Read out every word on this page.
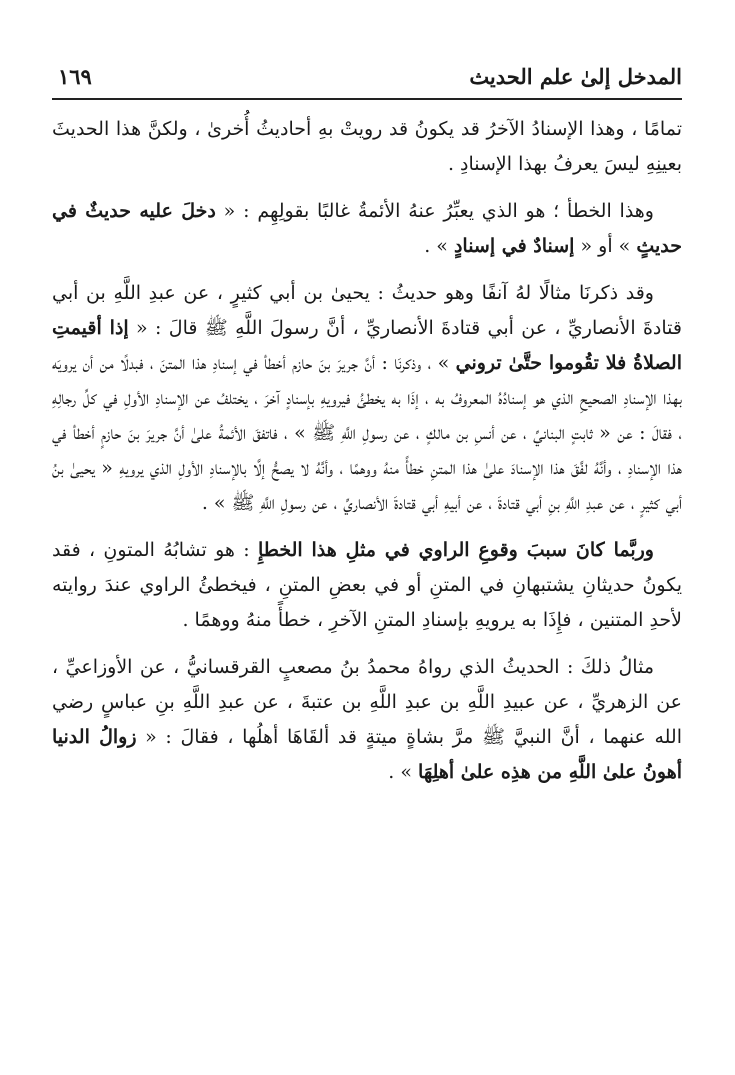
المدخل إلىٰ علم الحديث
١٦٩

تمامًا ، وهذا الإسنادُ الآخرُ قد يكونُ قد رويتْ بهِ أحاديثُ أُخرىٰ ، ولكنَّ هذا الحديثَ بعينِهِ ليسَ يعرفُ بهذا الإسنادِ .

وهذا الخطأ ؛ هو الذي يعبِّرُ عنهُ الأئمةُ غالبًا بقولِهِم : « دخلَ عليه حديثٌ في حديثٍ » أو « إسنادٌ في إسنادٍ » .

وقد ذكرنَا مثالًا لهُ آنفًا وهو حديثُ : يحيىٰ بن أبي كثيرٍ ، عن عبدِ اللَّهِ بن أبي قتادةَ الأنصاريِّ ، عن أبي قتادةَ الأنصاريِّ ، أنَّ رسولَ اللَّهِ ﷺ قالَ : « إذا أقيمتِ الصلاةُ فلا تقُوموا حتَّىٰ تروني » ، وذكرنَا : أنَّ جريرَ بنَ حازم أخطأ في إسنادِ هذا المتنَ ، فبدلًا من أن يرويَه بهذا الإسنادِ الصحيحِ الذي هو إسنادُهُ المعروفُ به ، إذَا به يخطئُ فيرويهِ بإسنادٍ آخرَ ، يختلفُ عن الإسنادِ الأولِ في كلِّ رجالِهِ ، فقالَ : عن « ثابتٍ البنانيِّ ، عن أنسِ بن مالكٍ ، عن رسولِ اللَّهِ ﷺ » ، فاتفقَ الأئمةُ علىٰ أنَّ جريرَ بنَ حازمٍ أخطأ في هذا الإسنادِ ، وأنَّهُ لفَّقَ هذا الإسنادَ علىٰ هذا المتنِ خطأً منهُ ووهمًا ، وأنَّهُ لا يصحُّ إلَّا بالإسنادِ الأولِ الذي يرويهِ « يحيىٰ بنُ أبي كثيرٍ ، عن عبدِ اللَّهِ بنِ أبي قتادةَ ، عن أبيهِ أبي قتادةَ الأنصاريِّ ، عن رسولِ اللَّهِ ﷺ » .

وربَّما كانَ سببَ وقوعِ الراوي في مثلِ هذا الخطإِ : هو تشابُهُ المتونِ ، فقد يكونُ حديثانِ يشتبهانِ في المتنِ أو في بعضِ المتنِ ، فيخطئُ الراوي عندَ روايته لأحدِ المتنين ، فإِذَا به يرويهِ بإسنادِ المتنِ الآخرِ ، خطأً منهُ ووهمًا .

مثالُ ذلكَ : الحديثُ الذي رواهُ محمدُ بنُ مصعبٍ القرقسانيُّ ، عن الأوزاعيِّ ، عن الزهريِّ ، عن عبيدِ اللَّهِ بن عبدِ اللَّهِ بن عتبةَ ، عن عبدِ اللَّهِ بنِ عباسٍ رضي الله عنهما ، أنَّ النبيَّ ﷺ مرَّ بشاةٍ ميتةٍ قد ألقَاهَا أهلُها ، فقالَ : « زوالُ الدنيا أهونُ علىٰ اللَّهِ من هذِه علىٰ أهلِهَا » .
